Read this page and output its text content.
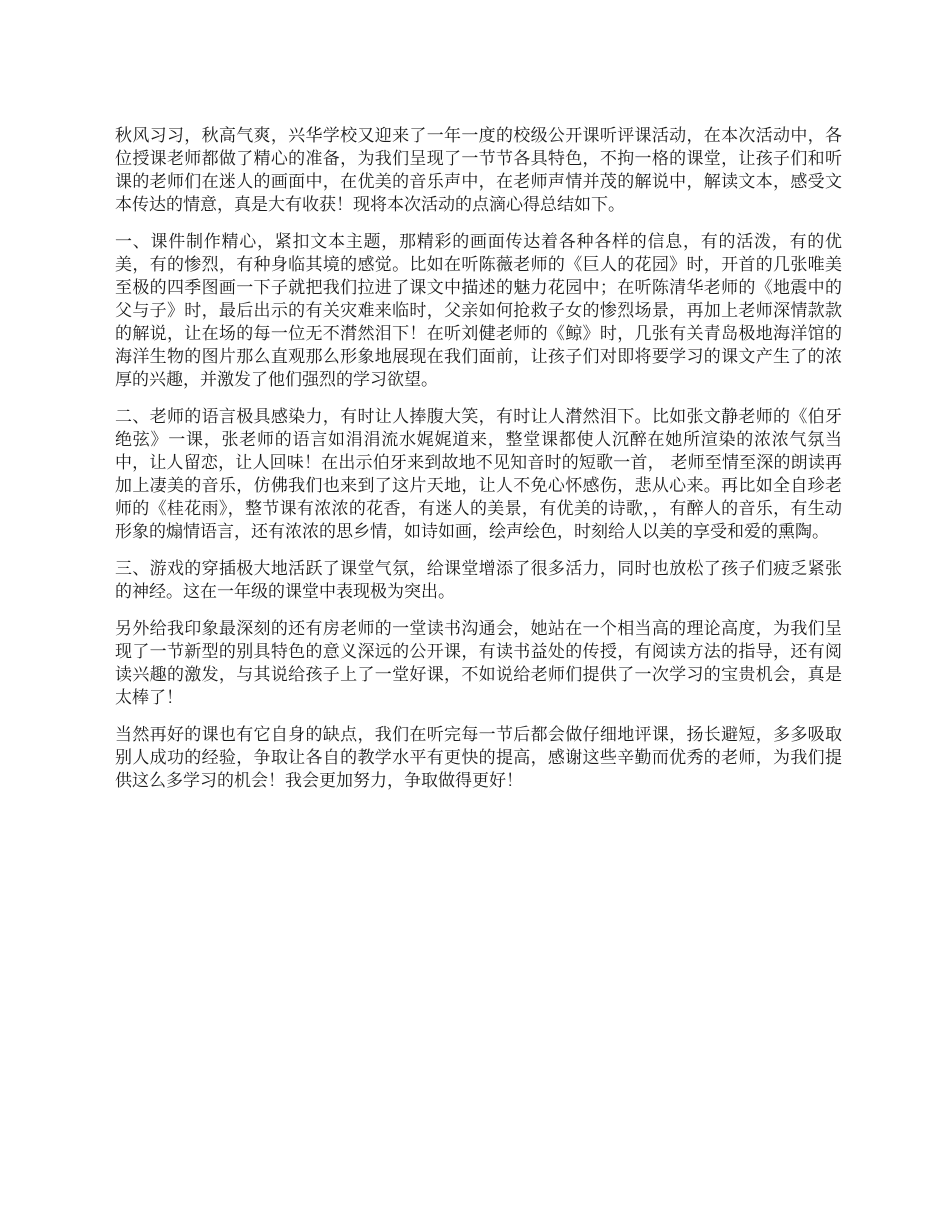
秋风习习，秋高气爽，兴华学校又迎来了一年一度的校级公开课听评课活动，在本次活动中，各位授课老师都做了精心的准备，为我们呈现了一节节各具特色，不拘一格的课堂，让孩子们和听课的老师们在迷人的画面中，在优美的音乐声中，在老师声情并茂的解说中，解读文本，感受文本传达的情意，真是大有收获！现将本次活动的点滴心得总结如下。

一、课件制作精心，紧扣文本主题，那精彩的画面传达着各种各样的信息，有的活泼，有的优美，有的惨烈，有种身临其境的感觉。比如在听陈薇老师的《巨人的花园》时，开首的几张唯美至极的四季图画一下子就把我们拉进了课文中描述的魅力花园中；在听陈清华老师的《地震中的父与子》时，最后出示的有关灾难来临时，父亲如何抢救子女的惨烈场景，再加上老师深情款款的解说，让在场的每一位无不潸然泪下！在听刘健老师的《鲸》时，几张有关青岛极地海洋馆的海洋生物的图片那么直观那么形象地展现在我们面前，让孩子们对即将要学习的课文产生了的浓厚的兴趣，并激发了他们强烈的学习欲望。

二、老师的语言极具感染力，有时让人捧腹大笑，有时让人潸然泪下。比如张文静老师的《伯牙绝弦》一课，张老师的语言如涓涓流水娓娓道来，整堂课都使人沉醉在她所渲染的浓浓气氛当中，让人留恋，让人回味！在出示伯牙来到故地不见知音时的短歌一首， 老师至情至深的朗读再加上凄美的音乐，仿佛我们也来到了这片天地，让人不免心怀感伤，悲从心来。再比如全自珍老师的《桂花雨》，整节课有浓浓的花香，有迷人的美景，有优美的诗歌，，有醉人的音乐，有生动形象的煽情语言，还有浓浓的思乡情，如诗如画，绘声绘色，时刻给人以美的享受和爱的熏陶。

三、游戏的穿插极大地活跃了课堂气氛，给课堂增添了很多活力，同时也放松了孩子们疲乏紧张的神经。这在一年级的课堂中表现极为突出。

另外给我印象最深刻的还有房老师的一堂读书沟通会，她站在一个相当高的理论高度，为我们呈现了一节新型的别具特色的意义深远的公开课，有读书益处的传授，有阅读方法的指导，还有阅读兴趣的激发，与其说给孩子上了一堂好课，不如说给老师们提供了一次学习的宝贵机会，真是太棒了！

当然再好的课也有它自身的缺点，我们在听完每一节后都会做仔细地评课，扬长避短，多多吸取别人成功的经验，争取让各自的教学水平有更快的提高，感谢这些辛勤而优秀的老师，为我们提供这么多学习的机会！我会更加努力，争取做得更好！
